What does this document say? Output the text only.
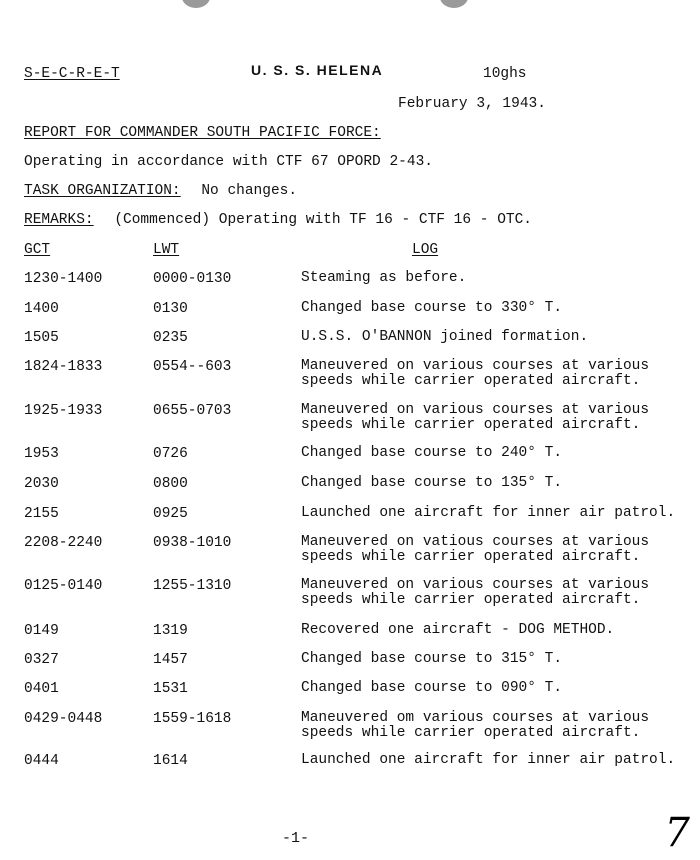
S-E-C-R-E-T	U. S. S. HELENA	10ghs
February 3, 1943.
REPORT FOR COMMANDER SOUTH PACIFIC FORCE:
Operating in accordance with CTF 67 OPORD 2-43.
TASK ORGANIZATION: No changes.
REMARKS: (Commenced) Operating with TF 16 - CTF 16 - OTC.
GCT	LWT	LOG
1230-1400	0000-0130	Steaming as before.
1400	0130	Changed base course to 330° T.
1505	0235	U.S.S. O'BANNON joined formation.
1824-1833	0554--603	Maneuvered on various courses at various speeds while carrier operated aircraft.
1925-1933	0655-0703	Maneuvered on various courses at various speeds while carrier operated aircraft.
1953	0726	Changed base course to 240° T.
2030	0800	Changed base course to 135° T.
2155	0925	Launched one aircraft for inner air patrol.
2208-2240	0938-1010	Maneuvered on vatious courses at various speeds while carrier operated aircraft.
0125-0140	1255-1310	Maneuvered on various courses at various speeds while carrier operated aircraft.
0149	1319	Recovered one aircraft - DOG METHOD.
0327	1457	Changed base course to 315° T.
0401	1531	Changed base course to 090° T.
0429-0448	1559-1618	Maneuvered om various courses at various speeds while carrier operated aircraft.
0444	1614	Launched one aircraft for inner air patrol.
-1-	7
